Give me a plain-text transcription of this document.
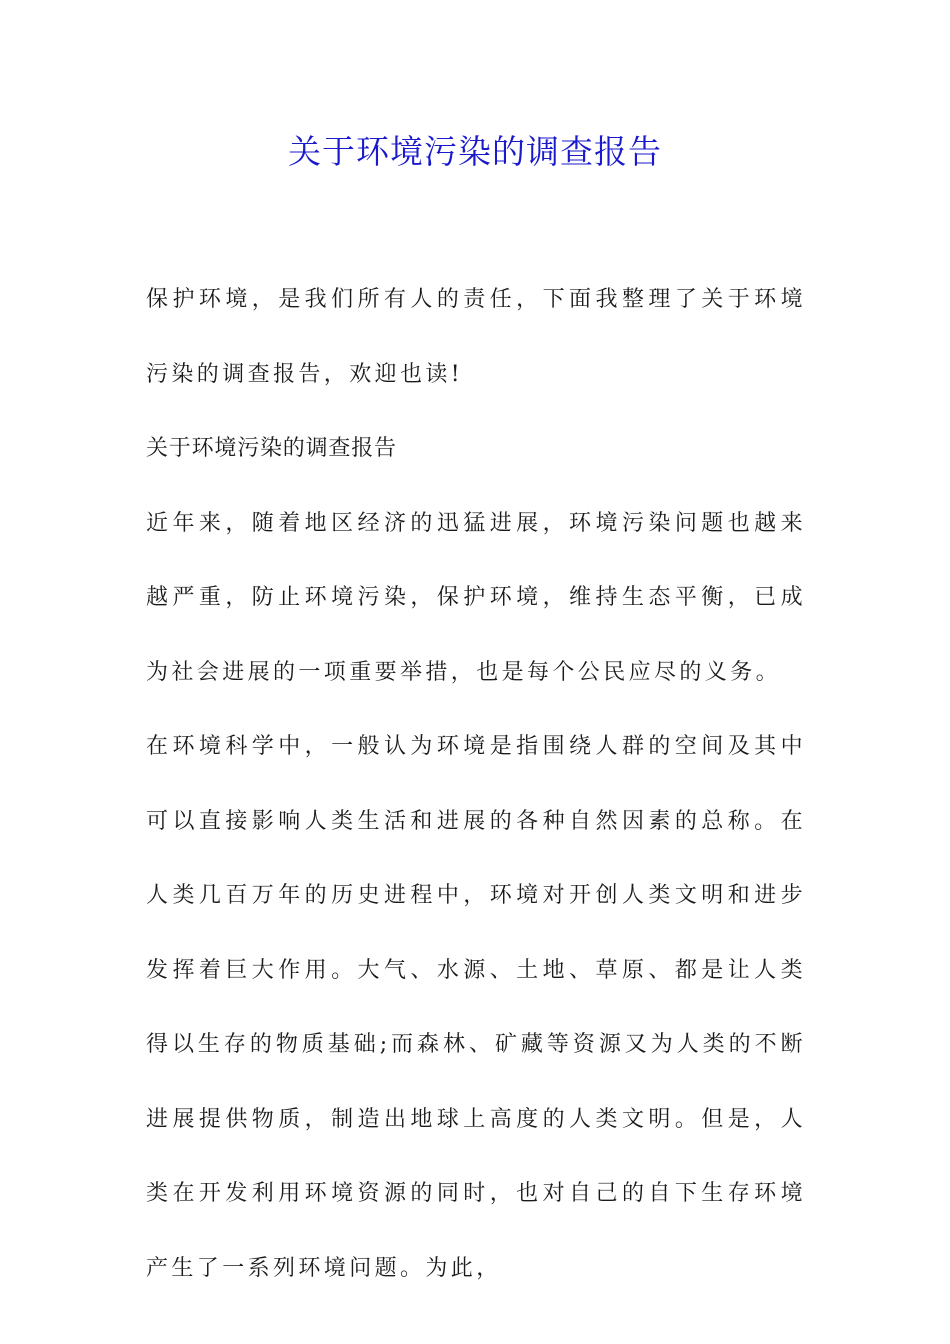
关于环境污染的调查报告

保护环境，是我们所有人的责任，下面我整理了关于环境污染的调查报告，欢迎也读!

关于环境污染的调查报告

近年来，随着地区经济的迅猛进展，环境污染问题也越来越严重，防止环境污染，保护环境，维持生态平衡，已成为社会进展的一项重要举措，也是每个公民应尽的义务。

在环境科学中，一般认为环境是指围绕人群的空间及其中可以直接影响人类生活和进展的各种自然因素的总称。在人类几百万年的历史进程中，环境对开创人类文明和进步发挥着巨大作用。大气、水源、土地、草原、都是让人类得以生存的物质基础;而森林、矿藏等资源又为人类的不断进展提供物质，制造出地球上高度的人类文明。但是，人类在开发利用环境资源的同时，也对自己的自下生存环境产生了一系列环境问题。为此，
